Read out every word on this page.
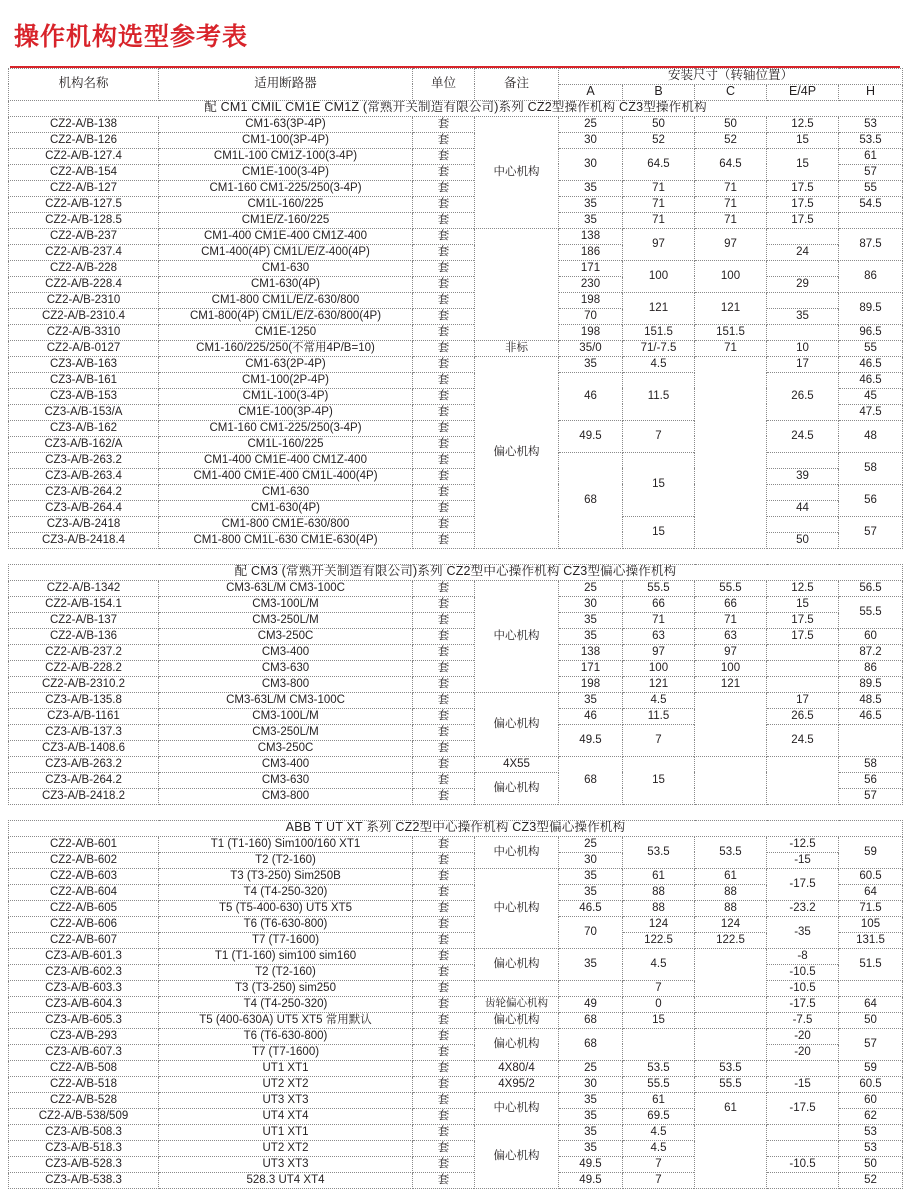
操作机构选型参考表
机构名称	适用断路器	单位	备注	安装尺寸（转轴位置）				
				A	B	C	E/4P	H
配 CM1 CMIL CM1E CM1Z (常熟开关制造有限公司)系列 CZ2型操作机构 CZ3型操作机构								
CZ2-A/B-138	CM1-63(3P-4P)	套	中心机构	25	50	50	12.5	53
CZ2-A/B-126	CM1-100(3P-4P)	套		30	52	52	15	53.5
CZ2-A/B-127.4	CM1L-100 CM1Z-100(3-4P)	套		30	64.5	64.5	15	61
CZ2-A/B-154	CM1E-100(3-4P)	套						57
CZ2-A/B-127	CM1-160 CM1-225/250(3-4P)	套		35	71	71	17.5	55
CZ2-A/B-127.5	CM1L-160/225	套		35	71	71	17.5	54.5
CZ2-A/B-128.5	CM1E/Z-160/225	套		35	71	71	17.5	
CZ2-A/B-237	CM1-400 CM1E-400 CM1Z-400	套		138	97	97		87.5
CZ2-A/B-237.4	CM1-400(4P) CM1L/E/Z-400(4P)	套		186			24	
CZ2-A/B-228	CM1-630	套		171	100	100		86
CZ2-A/B-228.4	CM1-630(4P)	套		230			29	
CZ2-A/B-2310	CM1-800 CM1L/E/Z-630/800	套		198	121	121		89.5
CZ2-A/B-2310.4	CM1-800(4P) CM1L/E/Z-630/800(4P)	套		70			35	
CZ2-A/B-3310	CM1E-1250	套		198	151.5	151.5		96.5
CZ2-A/B-0127	CM1-160/225/250(不常用4P/B=10)	套	非标	35/0	71/-7.5	71	10	55
CZ3-A/B-163	CM1-63(2P-4P)	套	偏心机构	35	4.5		17	46.5
CZ3-A/B-161	CM1-100(2P-4P)	套		46	11.5		26.5	46.5
CZ3-A/B-153	CM1L-100(3-4P)	套						45
CZ3-A/B-153/A	CM1E-100(3P-4P)	套						47.5
CZ3-A/B-162	CM1-160 CM1-225/250(3-4P)	套		49.5	7		24.5	48
CZ3-A/B-162/A	CM1L-160/225	套						
CZ3-A/B-263.2	CM1-400 CM1E-400 CM1Z-400	套		68	15			58
CZ3-A/B-263.4	CM1-400 CM1E-400 CM1L-400(4P)	套					39	
CZ3-A/B-264.2	CM1-630	套						56
CZ3-A/B-264.4	CM1-630(4P)	套					44	
CZ3-A/B-2418	CM1-800 CM1E-630/800	套			15			57
CZ3-A/B-2418.4	CM1-800 CM1L-630 CM1E-630(4P)	套					50	

配 CM3 (常熟开关制造有限公司)系列 CZ2型中心操作机构 CZ3型偏心操作机构								
CZ2-A/B-1342	CM3-63L/M CM3-100C	套	中心机构	25	55.5	55.5	12.5	56.5
CZ2-A/B-154.1	CM3-100L/M	套		30	66	66	15	55.5
CZ2-A/B-137	CM3-250L/M	套		35	71	71	17.5	
CZ2-A/B-136	CM3-250C	套		35	63	63	17.5	60
CZ2-A/B-237.2	CM3-400	套		138	97	97		87.2
CZ2-A/B-228.2	CM3-630	套		171	100	100		86
CZ2-A/B-2310.2	CM3-800	套		198	121	121		89.5
CZ3-A/B-135.8	CM3-63L/M CM3-100C	套	偏心机构	35	4.5		17	48.5
CZ3-A/B-1161	CM3-100L/M	套		46	11.5		26.5	46.5
CZ3-A/B-137.3	CM3-250L/M	套		49.5	7		24.5	
CZ3-A/B-1408.6	CM3-250C	套						
CZ3-A/B-263.2	CM3-400	套	4X55	68	15			58
CZ3-A/B-264.2	CM3-630	套	偏心机构					56
CZ3-A/B-2418.2	CM3-800	套						57

ABB T UT XT 系列 CZ2型中心操作机构 CZ3型偏心操作机构								
CZ2-A/B-601	T1 (T1-160) Sim100/160 XT1	套	中心机构	25	53.5	53.5	-12.5	59
CZ2-A/B-602	T2 (T2-160)	套		30			-15	
CZ2-A/B-603	T3 (T3-250) Sim250B	套	中心机构	35	61	61	-17.5	60.5
CZ2-A/B-604	T4 (T4-250-320)	套		35	88	88		64
CZ2-A/B-605	T5 (T5-400-630) UT5 XT5	套		46.5	88	88	-23.2	71.5
CZ2-A/B-606	T6 (T6-630-800)	套		70	124	124	-35	105
CZ2-A/B-607	T7 (T7-1600)	套			122.5	122.5		131.5
CZ3-A/B-601.3	T1 (T1-160) sim100 sim160	套	偏心机构	35	4.5		-8	51.5
CZ3-A/B-602.3	T2 (T2-160)	套					-10.5	
CZ3-A/B-603.3	T3 (T3-250) sim250	套			7		-10.5	
CZ3-A/B-604.3	T4 (T4-250-320)	套	齿轮偏心机构	49	0		-17.5	64
CZ3-A/B-605.3	T5 (400-630A) UT5 XT5 常用默认	套	偏心机构	68	15		-7.5	50
CZ3-A/B-293	T6 (T6-630-800)	套	偏心机构	68			-20	57
CZ3-A/B-607.3	T7 (T7-1600)	套					-20	
CZ2-A/B-508	UT1 XT1	套	4X80/4	25	53.5	53.5		59
CZ2-A/B-518	UT2 XT2	套	4X95/2	30	55.5	55.5	-15	60.5
CZ2-A/B-528	UT3 XT3	套	中心机构	35	61	61	-17.5	60
CZ2-A/B-538/509	UT4 XT4	套		35	69.5			62
CZ3-A/B-508.3	UT1 XT1	套	偏心机构	35	4.5			53
CZ3-A/B-518.3	UT2 XT2	套		35	4.5			53
CZ3-A/B-528.3	UT3 XT3	套		49.5	7		-10.5	50
CZ3-A/B-538.3	528.3 UT4 XT4	套		49.5	7			52
